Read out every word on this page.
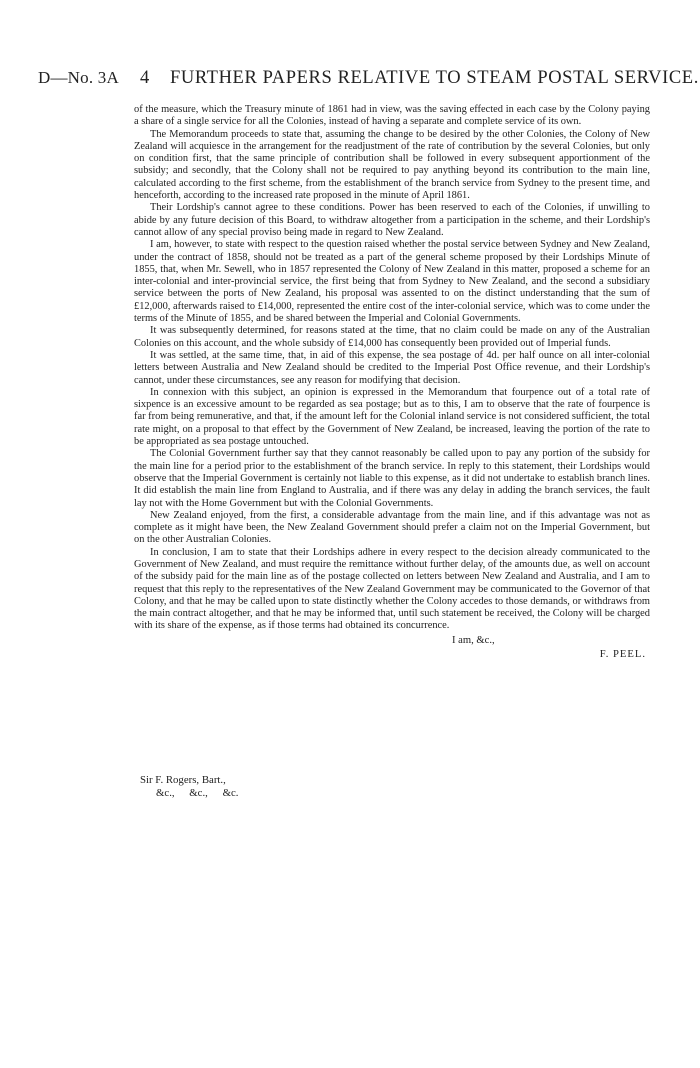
D—No. 3A 4 FURTHER PAPERS RELATIVE TO STEAM POSTAL SERVICE.

of the measure, which the Treasury minute of 1861 had in view, was the saving effected in each case by the Colony paying a share of a single service for all the Colonies, instead of having a separate and complete service of its own.

The Memorandum proceeds to state that, assuming the change to be desired by the other Colonies, the Colony of New Zealand will acquiesce in the arrangement for the readjustment of the rate of contribution by the several Colonies, but only on condition first, that the same principle of contribution shall be followed in every subsequent apportionment of the subsidy; and secondly, that the Colony shall not be required to pay anything beyond its contribution to the main line, calculated according to the first scheme, from the establishment of the branch service from Sydney to the present time, and henceforth, according to the increased rate proposed in the minute of April 1861.

Their Lordship's cannot agree to these conditions. Power has been reserved to each of the Colonies, if unwilling to abide by any future decision of this Board, to withdraw altogether from a participation in the scheme, and their Lordship's cannot allow of any special proviso being made in regard to New Zealand.

I am, however, to state with respect to the question raised whether the postal service between Sydney and New Zealand, under the contract of 1858, should not be treated as a part of the general scheme proposed by their Lordships Minute of 1855, that, when Mr. Sewell, who in 1857 represented the Colony of New Zealand in this matter, proposed a scheme for an inter-colonial and inter-provincial service, the first being that from Sydney to New Zealand, and the second a subsidiary service between the ports of New Zealand, his proposal was assented to on the distinct understanding that the sum of £12,000, afterwards raised to £14,000, represented the entire cost of the inter-colonial service, which was to come under the terms of the Minute of 1855, and be shared between the Imperial and Colonial Governments.

It was subsequently determined, for reasons stated at the time, that no claim could be made on any of the Australian Colonies on this account, and the whole subsidy of £14,000 has consequently been provided out of Imperial funds.

It was settled, at the same time, that, in aid of this expense, the sea postage of 4d. per half ounce on all inter-colonial letters between Australia and New Zealand should be credited to the Imperial Post Office revenue, and their Lordship's cannot, under these circumstances, see any reason for modifying that decision.

In connexion with this subject, an opinion is expressed in the Memorandum that fourpence out of a total rate of sixpence is an excessive amount to be regarded as sea postage; but as to this, I am to observe that the rate of fourpence is far from being remunerative, and that, if the amount left for the Colonial inland service is not considered sufficient, the total rate might, on a proposal to that effect by the Government of New Zealand, be increased, leaving the portion of the rate to be appropriated as sea postage untouched.

The Colonial Government further say that they cannot reasonably be called upon to pay any portion of the subsidy for the main line for a period prior to the establishment of the branch service. In reply to this statement, their Lordships would observe that the Imperial Government is certainly not liable to this expense, as it did not undertake to establish branch lines. It did establish the main line from England to Australia, and if there was any delay in adding the branch services, the fault lay not with the Home Government but with the Colonial Governments.

New Zealand enjoyed, from the first, a considerable advantage from the main line, and if this advantage was not as complete as it might have been, the New Zealand Government should prefer a claim not on the Imperial Government, but on the other Australian Colonies.

In conclusion, I am to state that their Lordships adhere in every respect to the decision already communicated to the Government of New Zealand, and must require the remittance without further delay, of the amounts due, as well on account of the subsidy paid for the main line as of the postage collected on letters between New Zealand and Australia, and I am to request that this reply to the representatives of the New Zealand Government may be communicated to the Governor of that Colony, and that he may be called upon to state distinctly whether the Colony accedes to those demands, or withdraws from the main contract altogether, and that he may be informed that, until such statement be received, the Colony will be charged with its share of the expense, as if those terms had obtained its concurrence.

I am, &c.,
F. PEEL.
Sir F. Rogers, Bart.,
&c., &c., &c.
